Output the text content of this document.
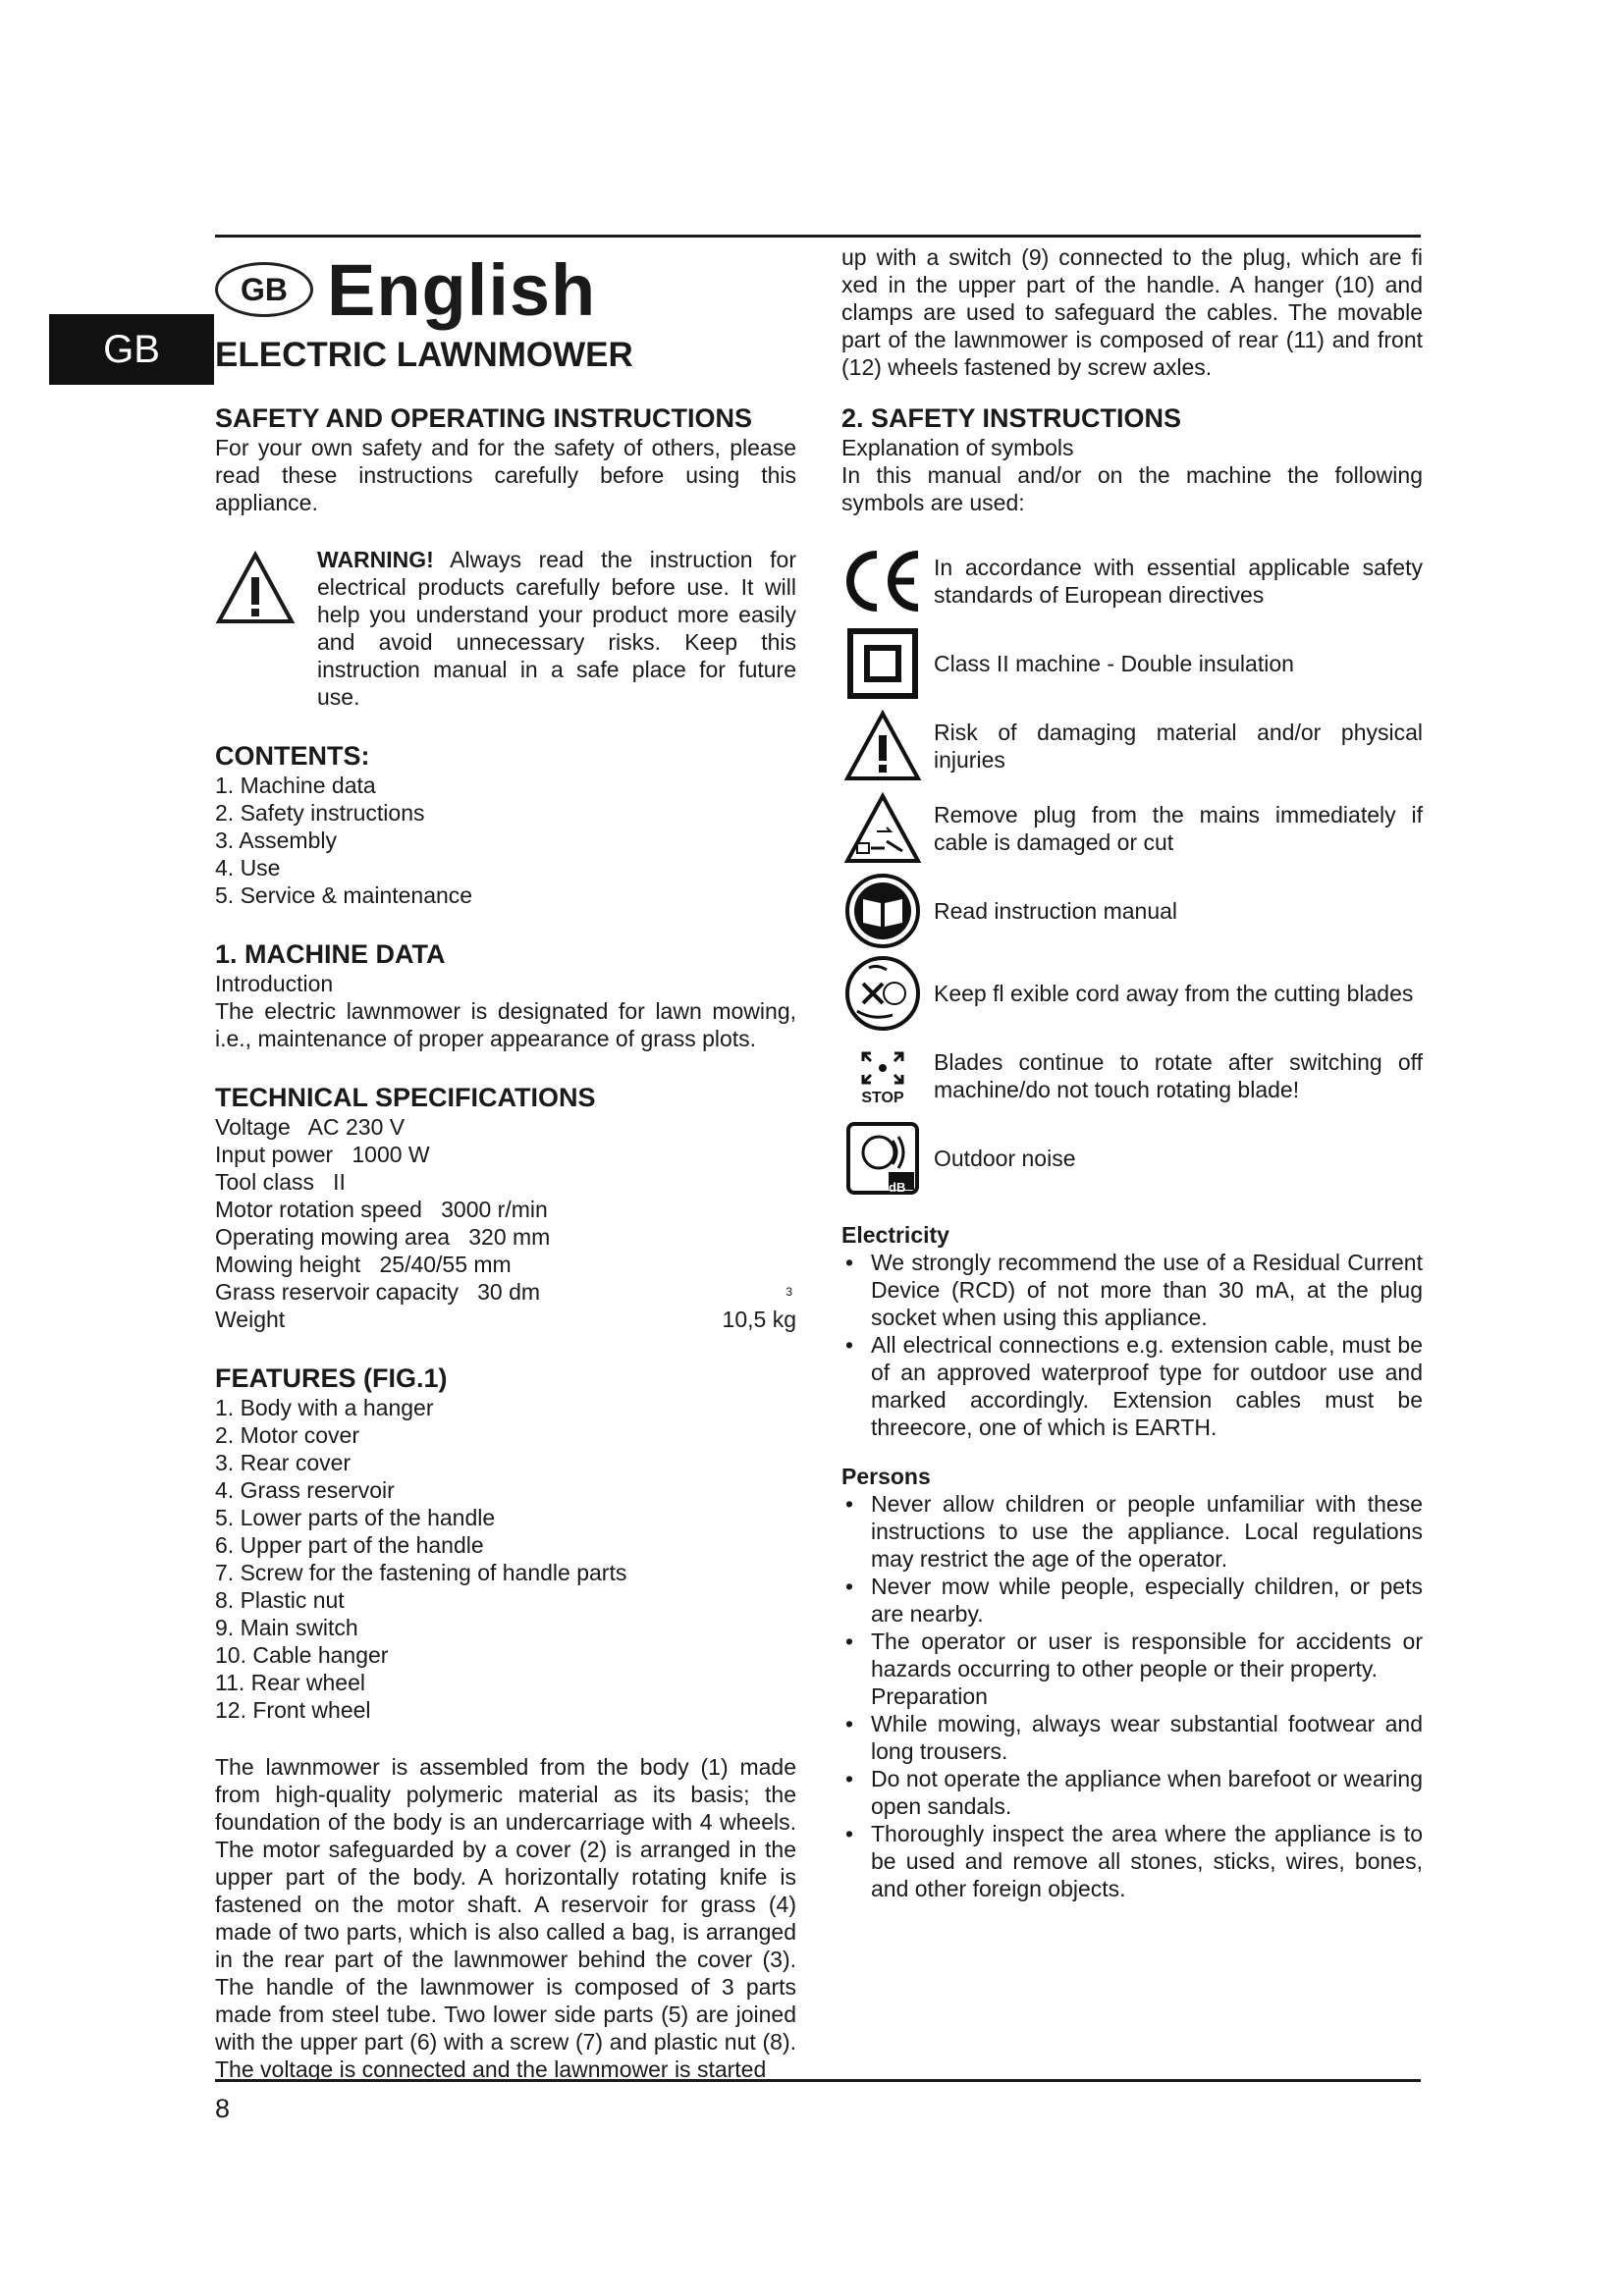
GB
GB English
ELECTRIC LAWNMOWER
SAFETY AND OPERATING INSTRUCTIONS

For your own safety and for the safety of others, please read these instructions carefully before using this appliance.

WARNING! Always read the instruction for electrical products carefully before use. It will help you understand your product more easily and avoid unnecessary risks. Keep this instruction manual in a safe place for future use.

CONTENTS:
1. Machine data
2. Safety instructions
3. Assembly
4. Use
5. Service & maintenance
1. MACHINE DATA

Introduction

The electric lawnmower is designated for lawn mowing, i.e., maintenance of proper appearance of grass plots.

TECHNICAL SPECIFICATIONS
Voltage   AC 230 V
Input power   1000 W
Tool class   II
Motor rotation speed   3000 r/min
Operating mowing area   320 mm
Mowing height   25/40/55 mm
Grass reservoir capacity   30 dm	3
Weight	10,5 kg
FEATURES (FIG.1)
1. Body with a hanger
2. Motor cover
3. Rear cover
4. Grass reservoir
5. Lower parts of the handle
6. Upper part of the handle
7. Screw for the fastening of handle parts
8. Plastic nut
9. Main switch
10. Cable hanger
11. Rear wheel
12. Front wheel

The lawnmower is assembled from the body (1) made from high-quality polymeric material as its basis; the foundation of the body is an undercarriage with 4 wheels. The motor safeguarded by a cover (2) is arranged in the upper part of the body. A horizontally rotating knife is fastened on the motor shaft. A reservoir for grass (4) made of two parts, which is also called a bag, is arranged in the rear part of the lawnmower behind the cover (3). The handle of the lawnmower is composed of 3 parts made from steel tube. Two lower side parts (5) are joined with the upper part (6) with a screw (7) and plastic nut (8). The voltage is connected and the lawnmower is started

up with a switch (9) connected to the plug, which are fi xed in the upper part of the handle. A hanger (10) and clamps are used to safeguard the cables. The movable part of the lawnmower is composed of rear (11) and front (12) wheels fastened by screw axles.

2. SAFETY INSTRUCTIONS

Explanation of symbols

In this manual and/or on the machine the following symbols are used:

In accordance with essential applicable safety standards of European directives
Class II machine - Double insulation
Risk of damaging material and/or physical injuries
Remove plug from the mains immediately if cable is damaged or cut
Read instruction manual
Keep fl exible cord away from the cutting blades
STOP
Blades continue to rotate after switching off machine/do not touch rotating blade!
dB
Outdoor noise
Electricity
• We strongly recommend the use of a Residual Current Device (RCD) of not more than 30 mA, at the plug socket when using this appliance.
• All electrical connections e.g. extension cable, must be of an approved waterproof type for outdoor use and marked accordingly. Extension cables must be threecore, one of which is EARTH.
Persons
• Never allow children or people unfamiliar with these instructions to use the appliance. Local regulations may restrict the age of the operator.
• Never mow while people, especially children, or pets are nearby.
• The operator or user is responsible for accidents or hazards occurring to other people or their property.
Preparation
• While mowing, always wear substantial footwear and long trousers.
• Do not operate the appliance when barefoot or wearing open sandals.
• Thoroughly inspect the area where the appliance is to be used and remove all stones, sticks, wires, bones, and other foreign objects.
8
